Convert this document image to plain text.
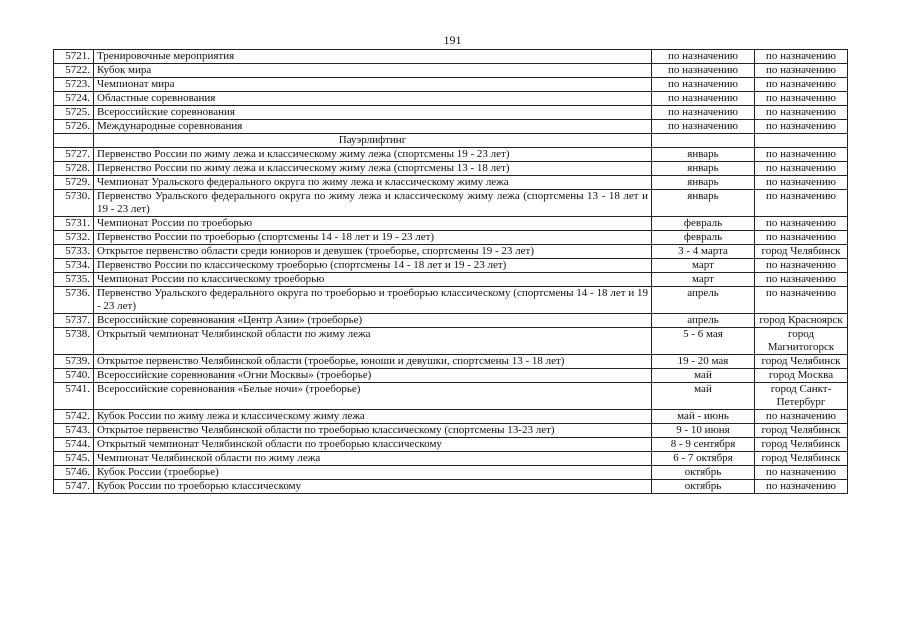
191
5721.	Тренировочные мероприятия	по назначению	по назначению
5722.	Кубок мира	по назначению	по назначению
5723.	Чемпионат мира	по назначению	по назначению
5724.	Областные соревнования	по назначению	по назначению
5725.	Всероссийские соревнования	по назначению	по назначению
5726.	Международные соревнования	по назначению	по назначению
	Пауэрлифтинг		
5727.	Первенство России по жиму лежа и классическому жиму лежа (спортсмены 19 - 23 лет)	январь	по назначению
5728.	Первенство России по жиму лежа и классическому жиму лежа (спортсмены 13 - 18 лет)	январь	по назначению
5729.	Чемпионат Уральского федерального округа по жиму лежа и классическому жиму лежа	январь	по назначению
5730.	Первенство Уральского федерального округа по жиму лежа и классическому жиму лежа (спортсмены 13 - 18 лет и 19 - 23 лет)	январь	по назначению
5731.	Чемпионат России по троеборью	февраль	по назначению
5732.	Первенство России по троеборью (спортсмены 14 - 18 лет и 19 - 23 лет)	февраль	по назначению
5733.	Открытое первенство области среди юниоров и девушек (троеборье, спортсмены 19 - 23 лет)	3 - 4 марта	город Челябинск
5734.	Первенство России по классическому троеборью (спортсмены 14 - 18 лет и 19 - 23 лет)	март	по назначению
5735.	Чемпионат России по классическому троеборью	март	по назначению
5736.	Первенство Уральского федерального округа по троеборью и троеборью классическому (спортсмены 14 - 18 лет и 19 - 23 лет)	апрель	по назначению
5737.	Всероссийские соревнования «Центр Азии» (троеборье)	апрель	город Красноярск
5738.	Открытый чемпионат Челябинской области по жиму лежа	5 - 6 мая	город Магнитогорск
5739.	Открытое первенство Челябинской области (троеборье, юноши и девушки, спортсмены 13 - 18 лет)	19 - 20 мая	город Челябинск
5740.	Всероссийские соревнования «Огни Москвы» (троеборье)	май	город Москва
5741.	Всероссийские соревнования «Белые ночи» (троеборье)	май	город Санкт-Петербург
5742.	Кубок России по жиму лежа и классическому жиму лежа	май - июнь	по назначению
5743.	Открытое первенство Челябинской области по троеборью классическому (спортсмены 13-23 лет)	9 - 10 июня	город Челябинск
5744.	Открытый чемпионат Челябинской области по троеборью классическому	8 - 9 сентября	город Челябинск
5745.	Чемпионат Челябинской области по жиму лежа	6 - 7 октября	город Челябинск
5746.	Кубок России (троеборье)	октябрь	по назначению
5747.	Кубок России по троеборью классическому	октябрь	по назначению
